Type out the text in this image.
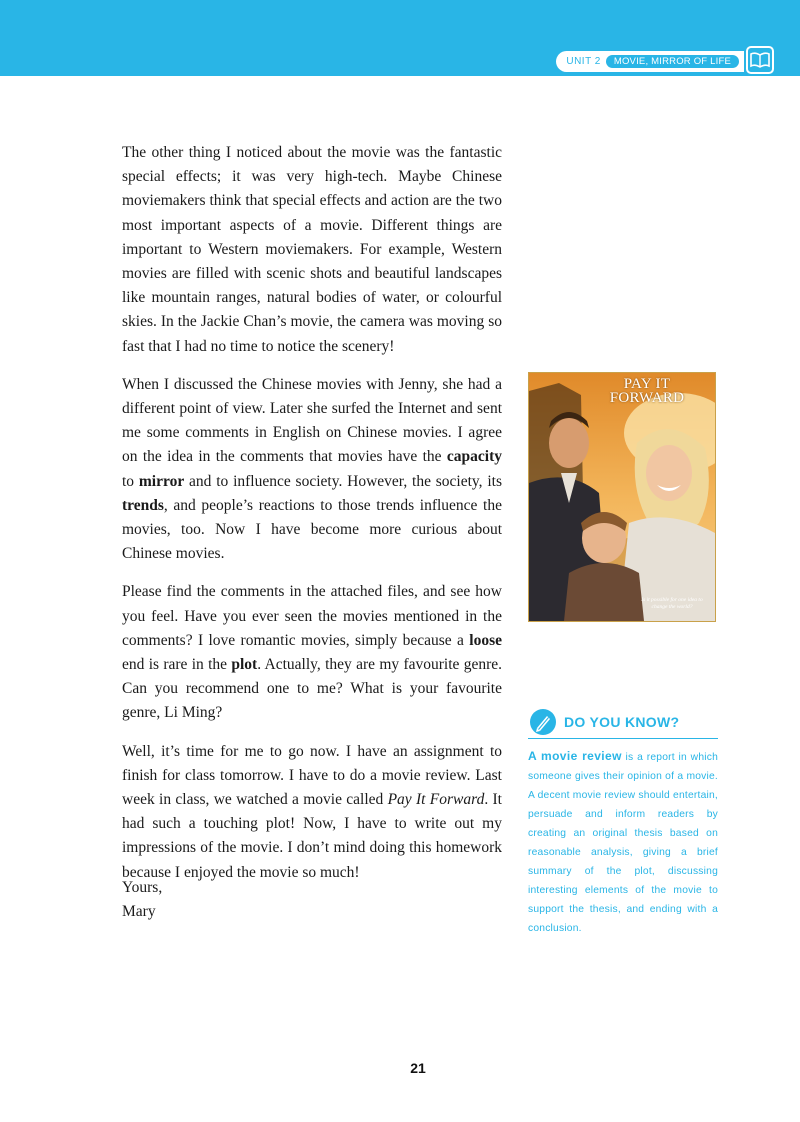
UNIT 2	MOVIE, MIRROR OF LIFE

The other thing I noticed about the movie was the fantastic special effects; it was very high-tech. Maybe Chinese moviemakers think that special effects and action are the two most important aspects of a movie. Different things are important to Western moviemakers. For example, Western movies are filled with scenic shots and beautiful landscapes like mountain ranges, natural bodies of water, or colourful skies. In the Jackie Chan’s movie, the camera was moving so fast that I had no time to notice the scenery!

When I discussed the Chinese movies with Jenny, she had a different point of view. Later she surfed the Internet and sent me some comments in English on Chinese movies. I agree on the idea in the comments that movies have the capacity to mirror and to influence society. However, the society, its trends, and people’s reactions to those trends influence the movies, too. Now I have become more curious about Chinese movies.

Please find the comments in the attached files, and see how you feel. Have you ever seen the movies mentioned in the comments? I love romantic movies, simply because a loose end is rare in the plot. Actually, they are my favourite genre. Can you recommend one to me? What is your favourite genre, Li Ming?

Well, it’s time for me to go now. I have an assignment to finish for class tomorrow. I have to do a movie review. Last week in class, we watched a movie called Pay It Forward. It had such a touching plot! Now, I have to write out my impressions of the movie. I don’t mind doing this homework because I enjoyed the movie so much!

Yours,
Mary
PAY IT
FORWARD
Is it possible for one idea to change the world?
DO YOU KNOW?
A movie review is a report in which someone gives their opinion of a movie. A decent movie review should entertain, persuade and inform readers by creating an original thesis based on reasonable analysis, giving a brief summary of the plot, discussing interesting elements of the movie to support the thesis, and ending with a conclusion.
21
